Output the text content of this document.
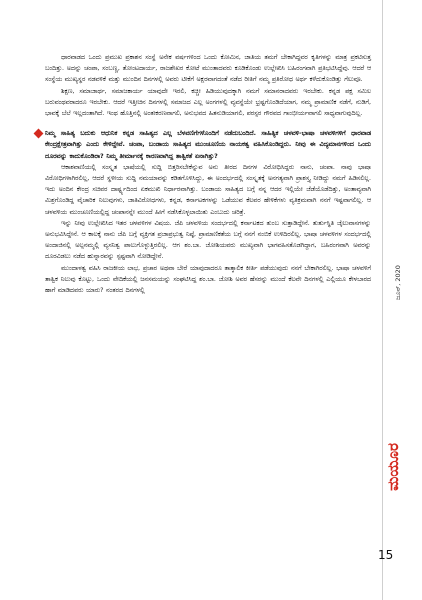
ಧಾರವಾಡದ ಒಂದು ಪ್ರಮುಖ ಪ್ರಕಾಶನ ಸಂಸ್ಥೆ ಅನೇಕ ವರ್ಷಗಳಿಂದ ಒಂದು ಕೋಮಿನ, ಜಾತಿಯ ತಮಗೆ ಬೇಕಾಗಿದ್ದವರ ಕೃತಿಗಳನ್ನು ಮಾತ್ರ ಪ್ರಕಟಿಸುತ್ತ ಬಂದಿತ್ತು. ಅದನ್ನು ಚಂಪಾ, ಸಂಬಣ್ಣ, ತೋಂಟದಾರ್ಯ, ರಾಜಶೇಖರ ಕೋಟೆ ಮುಂತಾದವರು ಕೂಡಿಕೊಂಡು ಉಲ್ಲೇಖಿಸಿ ಬಹಿರಂಗವಾಗಿ ಪ್ರತಿಭಟಿಸಿದ್ದೆವು. ಆದರೆ ಆ ಸಂಸ್ಥೆಯ ಮುಖ್ಯಸ್ಥರ ನಡವಳಿಕೆ ಮತ್ತು ಮುಂದಿನ ದಿನಗಳಲ್ಲಿ ಅವರು ಟೀಕೆಗೆ ಅಕ್ಷರವಾಗದಂತೆ ನಡೆದ ರೀತಿಗೆ ನಮ್ಮ ಪ್ರತಿರೋಧ ಅರ್ಥ ಕಳೆದುಕೊಂಡಿತ್ತು ಗೆಲುವೂ.

ಶಿಕ್ಷಣ, ಸಮಾಜಾರ್ಥ, ಸಮಾಜಕಾರ್ಯ ಯಾವುದೇ ಇರಲಿ, ಕಚ್ಚೀ ಹಿಡಿಯುವುದಕ್ಕಾಗಿ ನಮಗೆ ಸಮಾನರಾದವರು ಇರಬೇಕು. ಕನ್ನಡ ಪಕ್ಷ ಸಮಿಲ ಬರುವಂಥವರಾದರೂ ಇರಬೇಕು. ಆದರೆ ಇತ್ತೀಚಿನ ದಿನಗಳಲ್ಲಿ ಸಮಾಜದ ಎಲ್ಲ ಅಂಗಗಳಲ್ಲಿ ವ್ಯವಸ್ಥೆಯೇ ಭ್ರಷ್ಟಗೊಂಡಿದೆಯಾಗ, ನಮ್ಮ ಪ್ರಾಮಾಣಿಕ ನಡೆಗೆ, ನುಡಿಗೆ, ಭಾವಕ್ಕೆ ಬೆಲೆ ಇಲ್ಲದಂತಾಗಿದೆ. ಇಂಥ ಹೊತ್ತಿನಲ್ಲಿ ಅಂತಃಕರಣವಾಗಲಿ, ಅನುಭವದ ಹಿತನುಡಿಯಾಗಲಿ, ಪರಸ್ಪರ ಗೌರವದ ಗಾಂಭೀರ್ಯವಾಗಲಿ ಸಾಧ್ಯವಾಗುವುದಿಲ್ಲ.

ನಿಮ್ಮ ಸಾಹಿತ್ಯ ಬದುಕು ಆಧುನಿಕ ಕನ್ನಡ ಸಾಹಿತ್ಯದ ಎಲ್ಲ ಬೆಳವಣಿಗೆಗಳೊಂದಿಗೆ ನಡೆದುಬಂದಿದೆ. ಸಾಹಿತ್ಯಿಕ ಚಳವಳಿ-ಭಾಷಾ ಚಳವಳಿಗಳಿಗೆ ಧಾರವಾಡ ಕೇಂದ್ರಕ್ಷೇತ್ರವಾಗಿತ್ತು ಎಂದು ಕೇಳಿದ್ದೇವೆ. ಚಂಪಾ, ಬಂಡಾಯ ಸಾಹಿತ್ಯದ ಮುಂಚೂಣಿಯ ನಾಯಕತ್ವ ವಹಿಸಿಕೊಂಡಿದ್ದರು. ನೀವು ಈ ವಿದ್ಯಮಾನಗಳಿಂದ ಒಂದು ದೂರವನ್ನು ಕಾದುಕೊಂಡಿರಾ? ನಿಮ್ಮ ತೀರ್ಮಾನಕ್ಕೆ ಕಾರಣವಾಗಿದ್ದ ತಾತ್ವಿಕತೆ ಏನಾಗಿತ್ತು?

ಆಕಾಶವಾಣಿಯಲ್ಲಿ ಸಂಸ್ಕೃತ ಭಾಷೆಯಲ್ಲಿ ಸುದ್ದಿ ಬಿತ್ತರಿಸಬೇಕೆನ್ನುವ ಅನು ತೀರದ ದಿನಗಳ ವಿರೋಧಿಸಿದ್ದರು ನಾನು, ಚಂಪಾ. ನಾವು ಭಾಷಾ ವಿರೋಧಿಗಳಾಗಿರಲಿಲ್ಲ, ಆದರೆ ಸ್ಥಳೀಯ ಸುದ್ದಿ ನಮಯಾವನ್ನು ಕಡಿತಗೊಳಿಸಿದ್ದು, ಈ ಅಂದರ್ಭದಲ್ಲಿ ಸಂಸ್ಕೃತಕ್ಕೆ ಅನಗತ್ಯವಾಗಿ ಪ್ರಾಶಸ್ತ್ಯ ನೀಡಿದ್ದು ನಮಗೆ ಹಿಡಿಸಲಿಲ್ಲ. ಇದು ಅಂದಿನ ಕೇಂದ್ರ ಸಚಿವರ ದಾರ್ಷ್ಟ್ಯದಿಂದ ಏಕಮುಖಿ ನಿರ್ಧಾರವಾಗಿತ್ತು. ಬಂಡಾಯ ಸಾಹಿತ್ಯದ ಬಗ್ಗೆ ನನ್ನ ಆದರ ಇಲ್ಲಿಯೇ ಜೆಡೆಯೊಡೆದಿತ್ತು, ಅಂತಾವ್ಯವಾಗಿ ಮಿಶ್ರಗೊಂಡಿದ್ದ ವೈಚಾರಿಕ ನಿಲುವುಗಳು, ಜಾತಿವಿರೋಧಗಳು, ಕನ್ನಡ, ಕರ್ನಾಟಕಗಳನ್ನು ಒಡೆಯುವ ಕೆಲವರ ಹೇಳಿಕೆಗಳು ವ್ಯತಿಕ್ರಮವಾಗಿ ನನಗೆ ಇಷ್ಟವಾಗಲಿಲ್ಲ. ಆ ಚಳವಳಿಯ ಮುಂಚೂಣಿಯಲ್ಲಿದ್ದ ಚಂಪಾನನ್ನೇ ಮುಂದೆ ಹೀಗೆ ನಡೆಸಿಕೊಳ್ಳಲಾಯಿತು ಎಂಬುದು ಚರಿತ್ರೆ.

ಇನ್ನು ನೀವು ಉಲ್ಲೇಖಿಸಿದ ಇತರ ಚಳವಳಿಗಳ ವಿಷಯ. ಜೆಪಿ ಚಳವಳಿಯ ಸಂದರ್ಭದಲ್ಲಿ ಕರ್ನಾಟಕದ ತುಂಬ ಸುತ್ತಾಡಿದ್ದೇನೆ. ತುರ್ತುಸ್ಥಿತಿ ಜೈಲುವಾಸಗಳನ್ನು ಅನುಭವಿಸಿದ್ದೇನೆ. ಆ ಕಾಲಕ್ಕೆ ನಾನು ಜೆಪಿ ಬಗ್ಗೆ ವ್ಯಕ್ತಿಗತ ಪ್ರಜಾಪ್ರಭುತ್ವ ನಿಷ್ಠೆ, ಪ್ರಾಮಾಣಿಕತೆಯ ಬಗ್ಗೆ ನನಗೆ ನಂಬಿಕೆ ಉಳಿದಿರಲಿಲ್ಲ. ಭಾಷಾ ಚಳವಳಿಗಳ ಸಂದರ್ಭದಲ್ಲಿ ಅಂದಾಜಿನಲ್ಲಿ ಅಲ್ಪನಮ್ಮಲ್ಲಿ ವ್ಯಸನಿತ್ವ ಪಾಲುಗೊಳ್ಳುತ್ತಿರಲಿಲ್ಲ. ಆಗ ಶಂ.ಬಾ. ಜೋಶಿಯವರು ಮುಖ್ಯವಾಗಿ ಭಾಗವಹಿಸತೊಡಗಿದ್ದಾಗ, ಬಹಿರಂಗವಾಗಿ ಅವರನ್ನು ದೂರವಿಡಲು ನಡೆದ ಹುನ್ನಾರವನ್ನು ಸ್ಪಷ್ಟವಾಗಿ ನೋಡಿದ್ದೇನೆ.

ಮುಂದಾಳತ್ವ ವಹಿಸಿ ರಾಜಕೀಯ ಲಾಭ, ಪ್ರಚಾರ ಅಥವಾ ಬೇರೆ ಯಾವುದಾದರೂ ತಾತ್ಕಾಲಿಕ ಕೀರ್ತಿ ಪಡೆಯುವುದು ನನಗೆ ಬೇಕಾಗಿರಲಿಲ್ಲ. ಭಾಷಾ ಚಳವಳಿಗೆ ತಾತ್ವಿಕ ನಿಲುವು ಕೊಟ್ಟು, ಒಂದು ವೇದಿಕೆಯಲ್ಲಿ ಜನಸಮಯನ್ನು ಸಂಘಟಿಸಿದ್ದ ಶಂ.ಬಾ. ಜೋಶಿ ಅವರ ಹೆಸರನ್ನು ಮುಂದೆ ಕೆಲವೇ ದಿನಗಳಲ್ಲಿ ಎಲ್ಲಿಯೂ ಕೇಳಬಾರದ ಹಾಗೆ ಮಾಡಿದವರು ಯಾರು? ನಂತರದ ದಿನಗಳಲ್ಲಿ	ಜೂನ್, 2020
ಮಯೂರ
15
